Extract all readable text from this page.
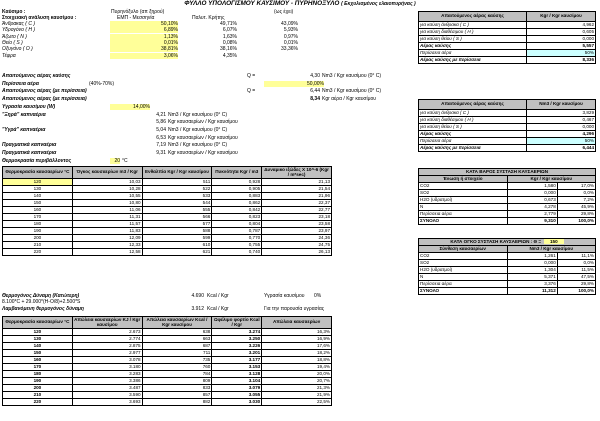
ΦΥΛΛΟ ΥΠΟΛΟΓΙΣΜΟΥ ΚΑΥΣΙΜΟΥ - ΠΥΡΗΝΟΞΥΛΟ ( Εκχυλισμένος ελαιοπυρήνας )
Καύσιμο :	Πυρηνόξυλο (απ ξηρού)	(ως έχει)
Στοιχειακή ανάλυση καυσίμου :	ΕΜΠ - Μεσσηνία	Παλυτ. Κρήτης
Άνθρακας ( C )	50,10%	49,71%	43,09%
Υδρογόνο ( H )	6,89%	6,07%	5,93%
Άζωτο ( N )	1,13%	1,63%	0,97%
Θείο ( S )	0,01%	0,08%	0,01%
Οξυγόνο ( O )	38,81%	38,16%	33,36%
Τέφρα	3,06%	4,35%
Απαιτούμενος αέρας καύσης	Q =	4,30 Nm3 / Kgr καυσίμου (0° C)
Περίσσεια αέρα	(40%-70%)	50,00%
Απαιτούμενος αέρας (με περίσσεια)	Q =	6,44 Nm3 / Kgr καυσίμου (0° C)
Απαιτούμενος αέρας (με περίσσεια)	8,34 Kgr αέρα / Kgr καυσίμου
Υγρασία καυσίμου (W)	14,00%
"Ξηρά" καπναέρια	4,21 Nm3 / Kgr καυσίμου (0° C)
5,86 Kgr καυσαερίων / Kgr καυσίμου
"Υγρά" καπναέρια	5,04 Nm3 / Kgr καυσίμου (0° C)
6,53 Kgr καυσαερίων / Kgr καυσίμου
Πραγματικά καπναέρια	7,19 Nm3 / Kgr καυσίμου (0° C)
Πραγματικά καπναέρια	9,31 Kgr καυσαερίων / Kgr καυσίμου
Θερμοκρασία περιβάλλοντος	20 °C
Απαιτούμενος αέρας καύσης	Kgr / Kgr καυσίμου
για καύση άνθρακα ( C )	4,962
για καύση διαθέσιμου ( H )	0,605
για καύση θείου ( S )	0,000
Αέρας καύσης	5,557
Περίσσεια αέρα	50%
Αέρας καύσης με περίσσεια	8,336
Απαιτούμενος αέρας καύσης	Nm3 / Kgr καυσίμου
για καύση άνθρακα ( C )	3,829
για καύση διαθέσιμου ( H )	0,467
για καύση θείου ( S )	0,000
Αέρας καύσης	4,296
Περίσσεια αέρα	50%
Αέρας καύσης με περίσσεια	6,444
ΚΑΤΑ ΒΑΡΟΣ ΣΥΣΤΑΣΗ ΚΑΥΣΑΕΡΙΩΝ		
Ένωση ή στοιχείο	Kgr / Kgr καυσίμου	
CO2	1,580	17,0%
SO2	0,000	0,0%
H2O (υδρατμοί)	0,673	7,2%
N	4,278	45,9%
Περίσσεια αέρα	2,779	29,8%
ΣΥΝΟΛΟ	9,310	100,0%
ΚΑΤΑ ΟΓΚΟ ΣΥΣΤΑΣΗ ΚΑΥΣΑΕΡΙΩΝ : Θ = 150		
Σύνθεση καυσαερίων	Nm3 / Kgr καυσίμου	
CO2	1,261	11,1%
SO2	0,000	0,0%
H2O (υδρατμοί)	1,304	11,5%
N	5,371	47,5%
Περίσσεια αέρα	3,376	29,8%
ΣΥΝΟΛΟ	11,312	100,0%
Θερμοκρασία καυσαερίων °C	Όγκος καυσαερίων m3 / Kgr	Ενθαλπία Kgr / Kgr καυσίμου	Πυκνότητα Kgr / m3	Δυναμικο ιξώδες Χ 10^-6 (Kgr / m*sec)
120	10,03	511	0,928	21,13
130	10,28	522	0,905	21,54
140	10,55	533	0,883	21,96
150	10,80	544	0,862	22,37
160	11,06	555	0,842	22,77
170	11,31	566	0,823	23,18
180	11,57	577	0,804	23,58
190	11,83	588	0,787	23,97
200	12,09	599	0,770	24,36
210	12,33	610	0,755	24,75
220	12,58	621	0,740	26,13
Θερμογόνος Δύναμη (Κατώτερη)	4.690 Kcal / Kgr	Υγρασία καυσίμου 0%
8.100*C + 29.000*(H-O/8)+2.500*S
Λαμβανόμενη θερμογόνος δύναμη	3.912 Kcal / Kgr	Για την παρουσία υγρασίας
Θερμοκρασία καυσαερίων °C	Απώλεια καυσαερίων KJ / Kgr καυσίμου	Απώλεια καυσαερίων Kcal / Kgr καυσίμου	Ωφέλιμο φορτίο Kcal / Kgr	Απώλεια καυσαερίων
120	2.673	638	3.274	16,3%
130	2.774	663	3.250	16,9%
140	2.875	687	3.226	17,6%
150	2.977	711	3.201	18,2%
160	3.078	735	3.177	18,8%
170	3.180	760	3.153	19,4%
180	3.283	784	3.128	20,0%
190	3.386	809	3.104	20,7%
200	3.487	833	3.079	21,3%
210	3.590	857	3.055	21,9%
220	3.693	882	3.030	22,5%
